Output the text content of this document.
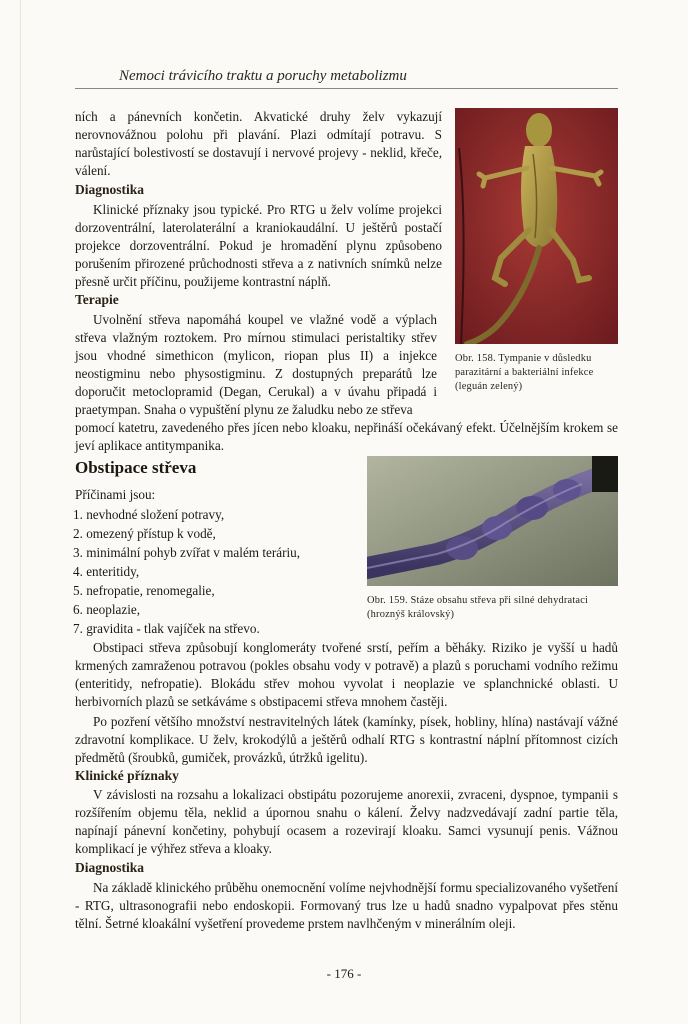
Nemoci trávicího traktu a poruchy metabolizmu

ních a pánevních končetin. Akvatické druhy želv vykazují nerovnovážnou polohu při plavání. Plazi odmítají potravu. S narůstající bolestivostí se dostavují i nervové projevy - neklid, křeče, válení.

Diagnostika

Klinické příznaky jsou typické. Pro RTG u želv volíme projekci dorzoventrální, laterolaterální a kraniokaudální. U ještěrů postačí projekce dorzoventrální. Pokud je hromadění plynu způsobeno porušením přirozené průchodnosti střeva a z nativních snímků nelze přesně určit příčinu, použijeme kontrastní náplň.

Terapie

Uvolnění střeva napomáhá koupel ve vlažné vodě a výplach střeva vlažným roztokem. Pro mírnou stimulaci peristaltiky střev jsou vhodné simethicon (mylicon, riopan plus II) a injekce neostigminu nebo physostigminu. Z dostupných preparátů lze doporučit metoclopramid (Degan, Cerukal) a v úvahu připadá i praetympan. Snaha o vypuštění plynu ze žaludku nebo ze střeva

pomocí katetru, zavedeného přes jícen nebo kloaku, nepřináší očekávaný efekt. Účelnějším krokem se jeví aplikace antitympanika.

Obr. 158. Tympanie v důsledku parazitární a bakteriální infekce (leguán zelený)

Obstipace střeva

Příčinami jsou:

1. nevhodné složení potravy,
2. omezený přístup k vodě,
3. minimální pohyb zvířat v malém teráriu,
4. enteritidy,
5. nefropatie, renomegalie,
6. neoplazie,
7. gravidita - tlak vajíček na střevo.

Obr. 159. Stáze obsahu střeva při silné dehydrataci (hroznýš královský)

Obstipaci střeva způsobují konglomeráty tvořené srstí, peřím a běháky. Riziko je vyšší u hadů krmených zamraženou potravou (pokles obsahu vody v potravě) a plazů s poruchami vodního režimu (enteritidy, nefropatie). Blokádu střev mohou vyvolat i neoplazie ve splanchnické oblasti. U herbivorních plazů se setkáváme s obstipacemi střeva mnohem častěji.

Po pozření většího množství nestravitelných látek (kamínky, písek, hobliny, hlína) nastávají vážné zdravotní komplikace. U želv, krokodýlů a ještěrů odhalí RTG s kontrastní náplní přítomnost cizích předmětů (šroubků, gumiček, provázků, útržků igelitu).

Klinické příznaky

V závislosti na rozsahu a lokalizaci obstipátu pozorujeme anorexii, zvraceni, dyspnoe, tympanii s rozšířením objemu těla, neklid a úpornou snahu o kálení. Želvy nadzvedávají zadní partie těla, napínají pánevní končetiny, pohybují ocasem a rozevirají kloaku. Samci vysunují penis. Vážnou komplikací je výhřez střeva a kloaky.

Diagnostika

Na základě klinického průběhu onemocnění volíme nejvhodnější formu specializovaného vyšetření - RTG, ultrasonografii nebo endoskopii. Formovaný trus lze u hadů snadno vypalpovat přes stěnu tělní. Šetrné kloakální vyšetření provedeme prstem navlhčeným v minerálním oleji.

- 176 -
